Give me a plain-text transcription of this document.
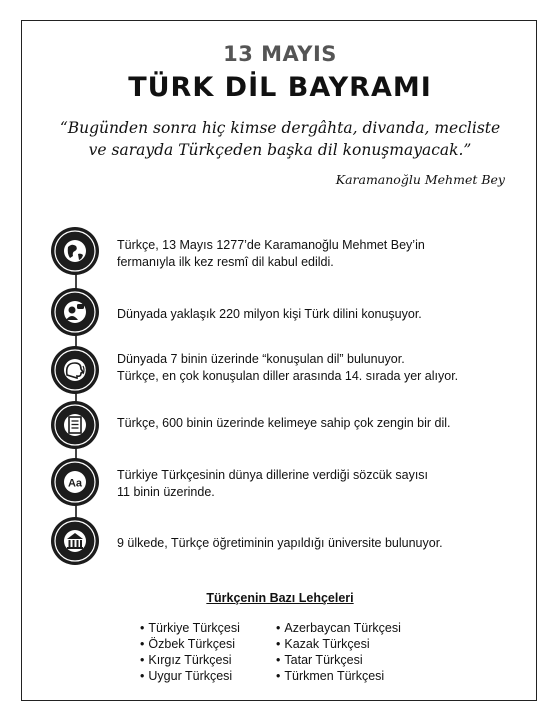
13 MAYIS
TÜRK DİL BAYRAMI
“Bugünden sonra hiç kimse dergâhta, divanda, mecliste
ve sarayda Türkçeden başka dil konuşmayacak.”
Karamanoğlu Mehmet Bey
Türkçe, 13 Mayıs 1277’de Karamanoğlu Mehmet Bey’in
fermanıyla ilk kez resmî dil kabul edildi.
Dünyada yaklaşık 220 milyon kişi Türk dilini konuşuyor.
Dünyada 7 binin üzerinde “konuşulan dil” bulunuyor.
Türkçe, en çok konuşulan diller arasında 14. sırada yer alıyor.
Türkçe, 600 binin üzerinde kelimeye sahip çok zengin bir dil.
Aa
Türkiye Türkçesinin dünya dillerine verdiği sözcük sayısı
11 binin üzerinde.
9 ülkede, Türkçe öğretiminin yapıldığı üniversite bulunuyor.
Türkçenin Bazı Lehçeleri
• Türkiye Türkçesi
• Özbek Türkçesi
• Kırgız Türkçesi
• Uygur Türkçesi
• Azerbaycan Türkçesi
• Kazak Türkçesi
• Tatar Türkçesi
• Türkmen Türkçesi
